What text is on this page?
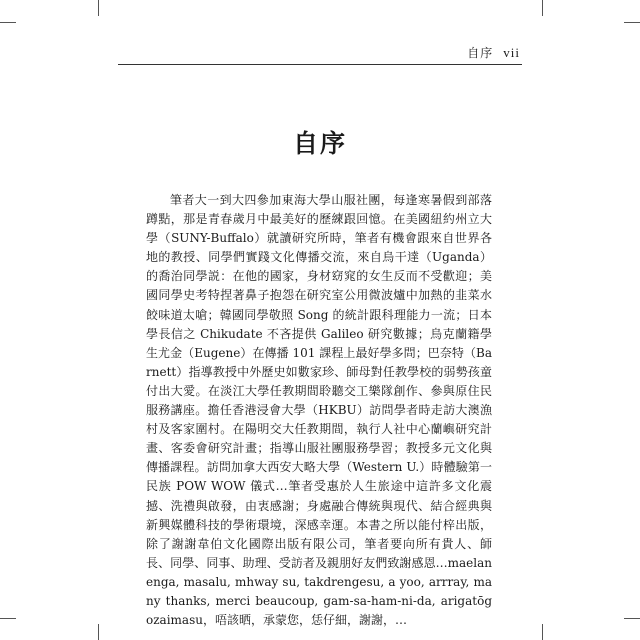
自序 vii
自序

筆者大一到大四參加東海大學山服社團，每逢寒暑假到部落蹲點，那是青春歲月中最美好的歷練跟回憶。在美國紐約州立大學（SUNY-Buffalo）就讀研究所時，筆者有機會跟來自世界各地的教授、同學們實踐文化傳播交流，來自烏干達（Uganda）的喬治同學説：在他的國家，身材窈窕的女生反而不受歡迎；美國同學史考特捏著鼻子抱怨在研究室公用微波爐中加熱的韭菜水餃味道太嗆；韓國同學敬照 Song 的統計跟科理能力一流；日本學長信之 Chikudate 不吝提供 Galileo 研究數據；烏克蘭籍學生尤金（Eugene）在傳播 101 課程上最好學多問；巴奈特（Barnett）指導教授中外歷史如數家珍、師母對任教學校的弱勢孩童付出大愛。在淡江大學任教期間聆聽交工樂隊創作、參與原住民服務講座。擔任香港浸會大學（HKBU）訪問學者時走訪大澳漁村及客家圍村。在陽明交大任教期間，執行人社中心蘭嶼研究計畫、客委會研究計畫；指導山服社團服務學習；教授多元文化與傳播課程。訪問加拿大西安大略大學（Western U.）時體驗第一民族 POW WOW 儀式…筆者受惠於人生旅途中這許多文化震撼、洗禮與啟發，由衷感謝；身處融合傳統與現代、結合經典與新興媒體科技的學術環境，深感幸運。本書之所以能付梓出版，除了謝謝韋伯文化國際出版有限公司，筆者要向所有貴人、師長、同學、同事、助理、受訪者及親朋好友們致謝感恩…maelanenga, masalu, mhway su, takdrengesu, a yoo, arrray, many thanks, merci beaucoup, gam-sa-ham-ni-da, arigatōgozaimasu，唔該晒，承蒙您，恁仔細，謝謝，…
